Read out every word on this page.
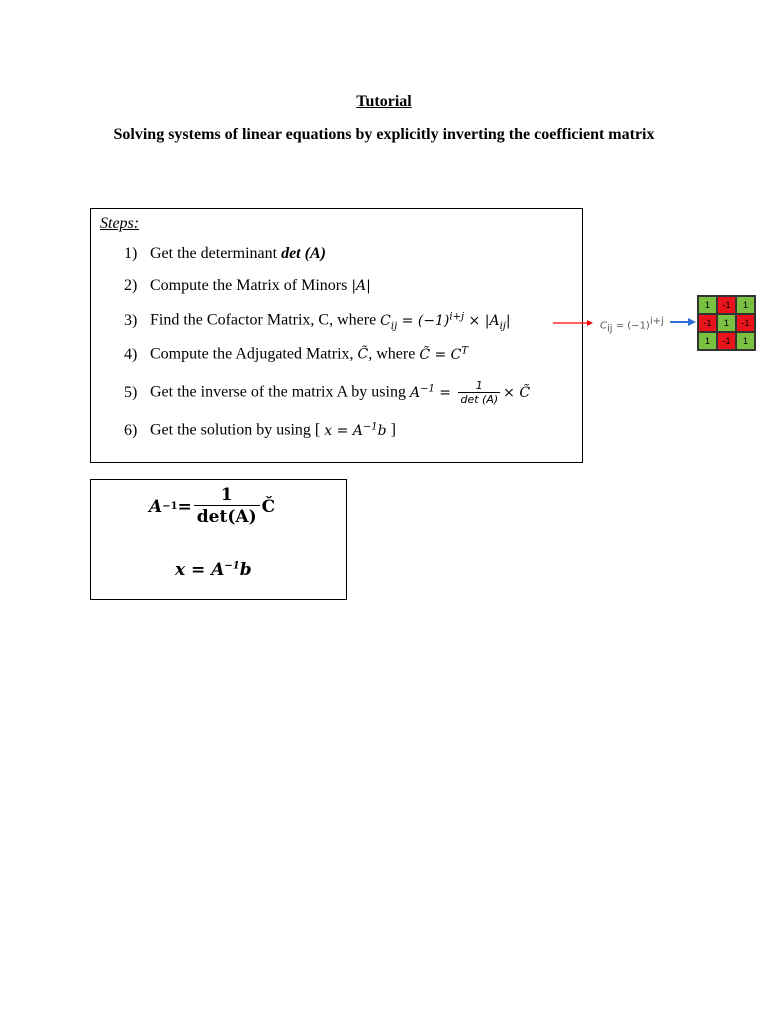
Tutorial
Solving systems of linear equations by explicitly inverting the coefficient matrix
Steps:
1) Get the determinant det (A)
2) Compute the Matrix of Minors |A|
3) Find the Cofactor Matrix, C, where $C_{ij} = (-1)^{i+j} \times |A_{ij}|$
4) Compute the Adjugated Matrix, C̃, where C̃ = $C^T$
5) Get the inverse of the matrix A by using $A^{-1} = \frac{1}{\det (A)}$ × C̃
6) Get the solution by using [ $x = A^{-1}b$ ]
$C_{ij} = (-1)^{i+j}$
1	-1	1
-1	1	-1
1	-1	1
$A -1 = \frac{1}{\det(A)}$ Č
$x = A^{-1}b$
